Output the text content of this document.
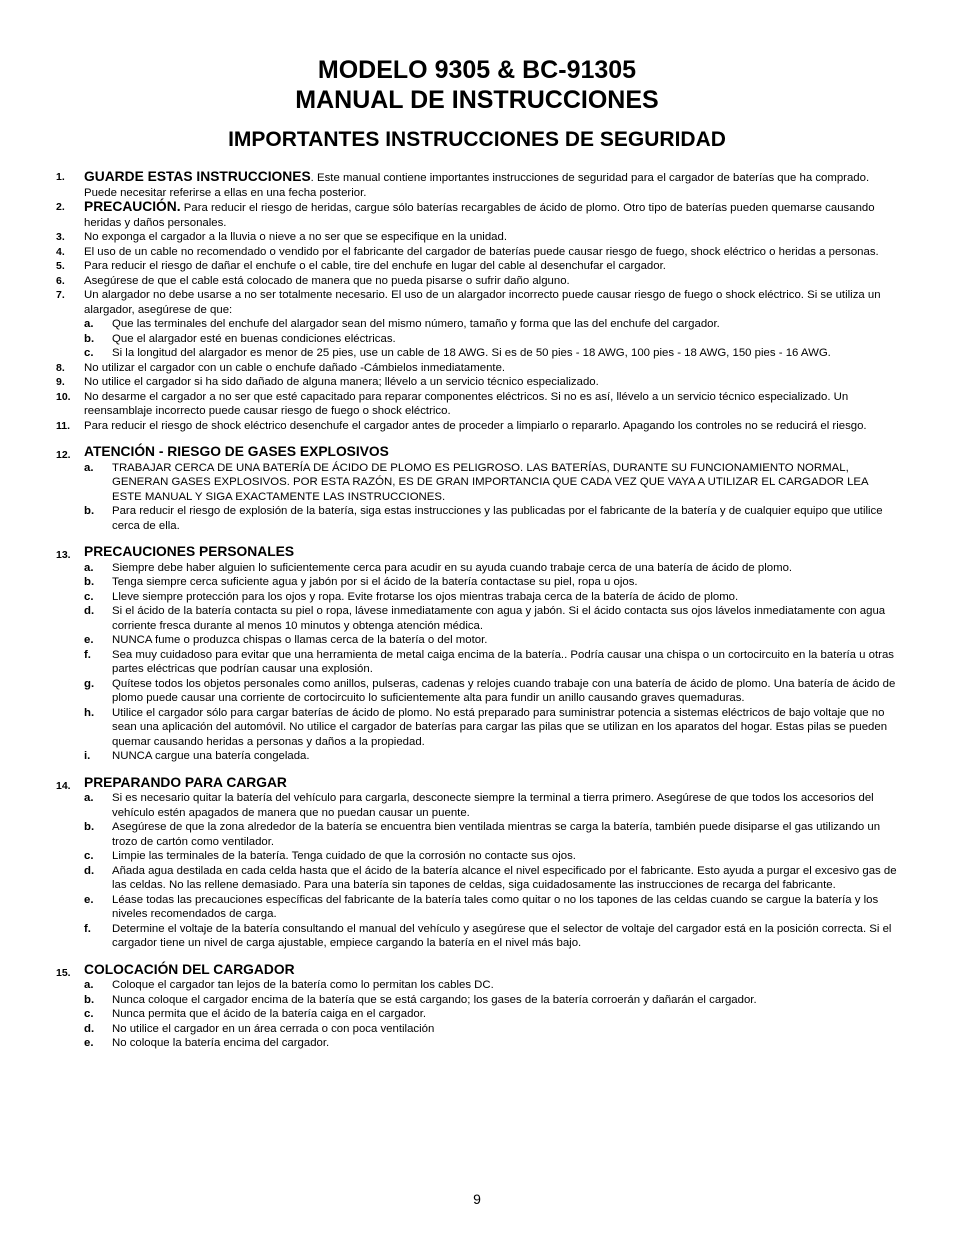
MODELO 9305 & BC-91305
MANUAL DE INSTRUCCIONES
IMPORTANTES INSTRUCCIONES DE SEGURIDAD
1.	GUARDE ESTAS INSTRUCCIONES. Este manual contiene importantes instrucciones de seguridad para el cargador de baterías que ha comprado. Puede necesitar referirse a ellas en una fecha posterior.
2.	PRECAUCIÓN. Para reducir el riesgo de heridas, cargue sólo baterías recargables de ácido de plomo. Otro tipo de baterías pueden quemarse causando heridas y daños personales.
3.	No exponga el cargador a la lluvia o nieve a no ser que se especifique en la unidad.
4.	El uso de un cable no recomendado o vendido por el fabricante del cargador de baterías puede causar riesgo de fuego, shock eléctrico o heridas a personas.
5.	Para reducir el riesgo de dañar el enchufe o el cable, tire del enchufe en lugar del cable al desenchufar el cargador.
6.	Asegúrese de que el cable está colocado de manera que no pueda pisarse o sufrir daño alguno.
7.	Un alargador no debe usarse a no ser totalmente necesario. El uso de un alargador incorrecto puede causar riesgo de fuego o shock eléctrico. Si se utiliza un alargador, asegúrese de que:
a.	Que las terminales del enchufe del alargador sean del mismo número, tamaño y forma que las del enchufe del cargador.
b.	Que el alargador esté en buenas condiciones eléctricas.
c.	Si la longitud del alargador es menor de 25 pies, use un cable de 18 AWG. Si es de 50 pies - 18 AWG, 100 pies - 18 AWG, 150 pies - 16 AWG.
8.	No utilizar el cargador con un cable o enchufe dañado -Cámbielos inmediatamente.
9.	No utilice el cargador si ha sido dañado de alguna manera; llévelo a un servicio técnico especializado.
10.	No desarme el cargador a no ser que esté capacitado para reparar componentes eléctricos. Si no es así, llévelo a un servicio técnico especializado. Un reensamblaje incorrecto puede causar riesgo de fuego o shock eléctrico.
11.	Para reducir el riesgo de shock eléctrico desenchufe el cargador antes de proceder a limpiarlo o repararlo. Apagando los controles no se reducirá el riesgo.
12. ATENCIÓN - RIESGO DE GASES EXPLOSIVOS
a.	TRABAJAR CERCA DE UNA BATERÍA DE ÁCIDO DE PLOMO ES PELIGROSO. LAS BATERÍAS, DURANTE SU FUNCIONAMIENTO NORMAL, GENERAN GASES EXPLOSIVOS. POR ESTA RAZÓN, ES DE GRAN IMPORTANCIA QUE CADA VEZ QUE VAYA A UTILIZAR EL CARGADOR LEA ESTE MANUAL Y SIGA EXACTAMENTE LAS INSTRUCCIONES.
b.	Para reducir el riesgo de explosión de la batería, siga estas instrucciones y las publicadas por el fabricante de la batería y de cualquier equipo que utilice cerca de ella.
13. PRECAUCIONES PERSONALES
a.	Siempre debe haber alguien lo suficientemente cerca para acudir en su ayuda cuando trabaje cerca de una batería de ácido de plomo.
b.	Tenga siempre cerca suficiente agua y jabón por si el ácido de la batería contactase su piel, ropa u ojos.
c.	Lleve siempre protección para los ojos y ropa. Evite frotarse los ojos mientras trabaja cerca de la batería de ácido de plomo.
d.	Si el ácido de la batería contacta su piel o ropa, lávese inmediatamente con agua y jabón. Si el ácido contacta sus ojos lávelos inmediatamente con agua corriente fresca durante al menos 10 minutos y obtenga atención médica.
e.	NUNCA fume o produzca chispas o llamas cerca de la batería o del motor.
f.	Sea muy cuidadoso para evitar que una herramienta de metal caiga encima de la batería.. Podría causar una chispa o un cortocircuito en la batería u otras partes eléctricas que podrían causar una explosión.
g.	Quítese todos los objetos personales como anillos, pulseras, cadenas y relojes cuando trabaje con una batería de ácido de plomo. Una batería de ácido de plomo puede causar una corriente de cortocircuito lo suficientemente alta para fundir un anillo causando graves quemaduras.
h.	Utilice el cargador sólo para cargar baterías de ácido de plomo. No está preparado para suministrar potencia a sistemas eléctricos de bajo voltaje que no sean una aplicación del automóvil. No utilice el cargador de baterías para cargar las pilas que se utilizan en los aparatos del hogar. Estas pilas se pueden quemar causando heridas a personas y daños a la propiedad.
i.	NUNCA cargue una batería congelada.
14. PREPARANDO PARA CARGAR
a.	Si es necesario quitar la batería del vehículo para cargarla, desconecte siempre la terminal a tierra primero. Asegúrese de que todos los accesorios del vehículo estén apagados de manera que no puedan causar un puente.
b.	Asegúrese de que la zona alrededor de la batería se encuentra bien ventilada mientras se carga la batería, también puede disiparse el gas utilizando un trozo de cartón como ventilador.
c.	Limpie las terminales de la batería. Tenga cuidado de que la corrosión no contacte sus ojos.
d.	Añada agua destilada en cada celda hasta que el ácido de la batería alcance el nivel especificado por el fabricante. Esto ayuda a purgar el excesivo gas de las celdas. No las rellene demasiado. Para una batería sin tapones de celdas, siga cuidadosamente las instrucciones de recarga del fabricante.
e.	Léase todas las precauciones específicas del fabricante de la batería tales como quitar o no los tapones de las celdas cuando se cargue la batería y los niveles recomendados de carga.
f.	Determine el voltaje de la batería consultando el manual del vehículo y asegúrese que el selector de voltaje del cargador está en la posición correcta. Si el cargador tiene un nivel de carga ajustable, empiece cargando la batería en el nivel más bajo.
15. COLOCACIÓN DEL CARGADOR
a.	Coloque el cargador tan lejos de la batería como lo permitan los cables DC.
b.	Nunca coloque el cargador encima de la batería que se está cargando; los gases de la batería corroerán y dañarán el cargador.
c.	Nunca permita que el ácido de la batería caiga en el cargador.
d.	No utilice el cargador en un área cerrada o con poca ventilación
e.	No coloque la batería encima del cargador.
9
